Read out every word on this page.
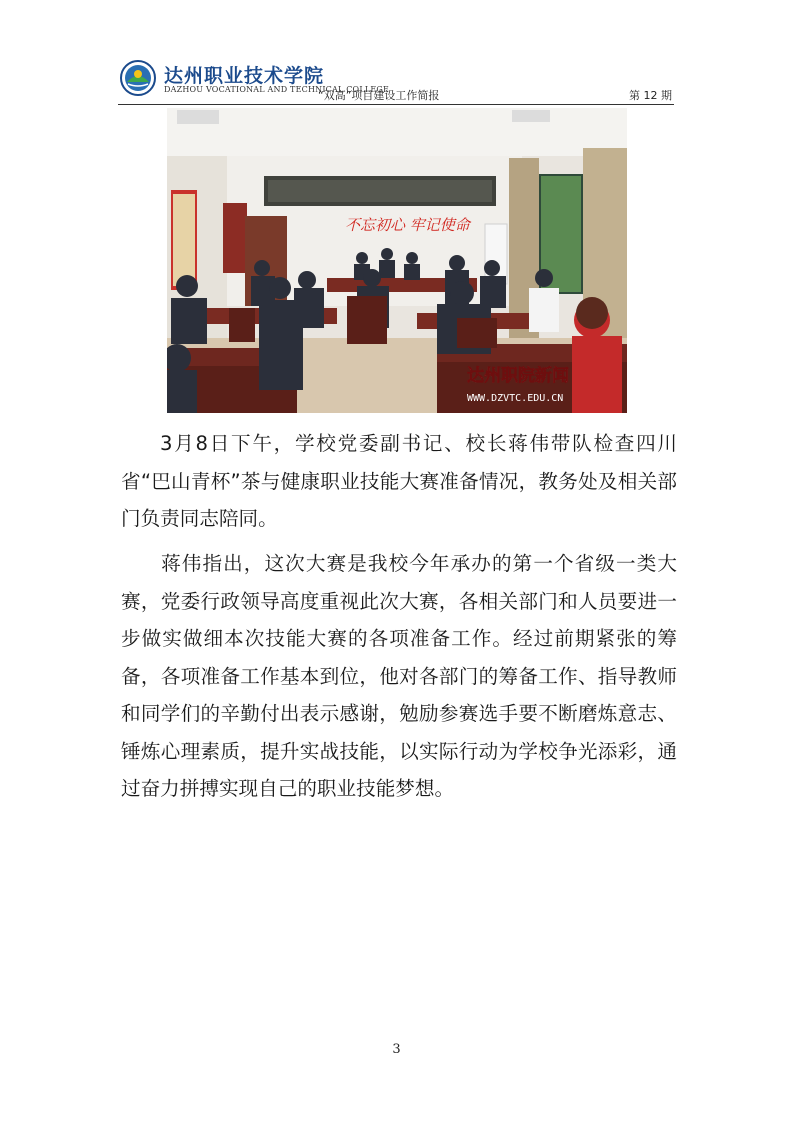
达州职业技术学院
DAZHOU VOCATIONAL AND TECHNICAL COLLEGE
“双高”项目建设工作简报	第 12 期
不忘初心 牢记使命
达州职院新闻
WWW.DZVTC.EDU.CN

3月8日下午，学校党委副书记、校长蒋伟带队检查四川省“巴山青杯”茶与健康职业技能大赛准备情况，教务处及相关部门负责同志陪同。

蒋伟指出，这次大赛是我校今年承办的第一个省级一类大赛，党委行政领导高度重视此次大赛，各相关部门和人员要进一步做实做细本次技能大赛的各项准备工作。经过前期紧张的筹备，各项准备工作基本到位，他对各部门的筹备工作、指导教师和同学们的辛勤付出表示感谢，勉励参赛选手要不断磨炼意志、锤炼心理素质，提升实战技能，以实际行动为学校争光添彩，通过奋力拼搏实现自己的职业技能梦想。

3
